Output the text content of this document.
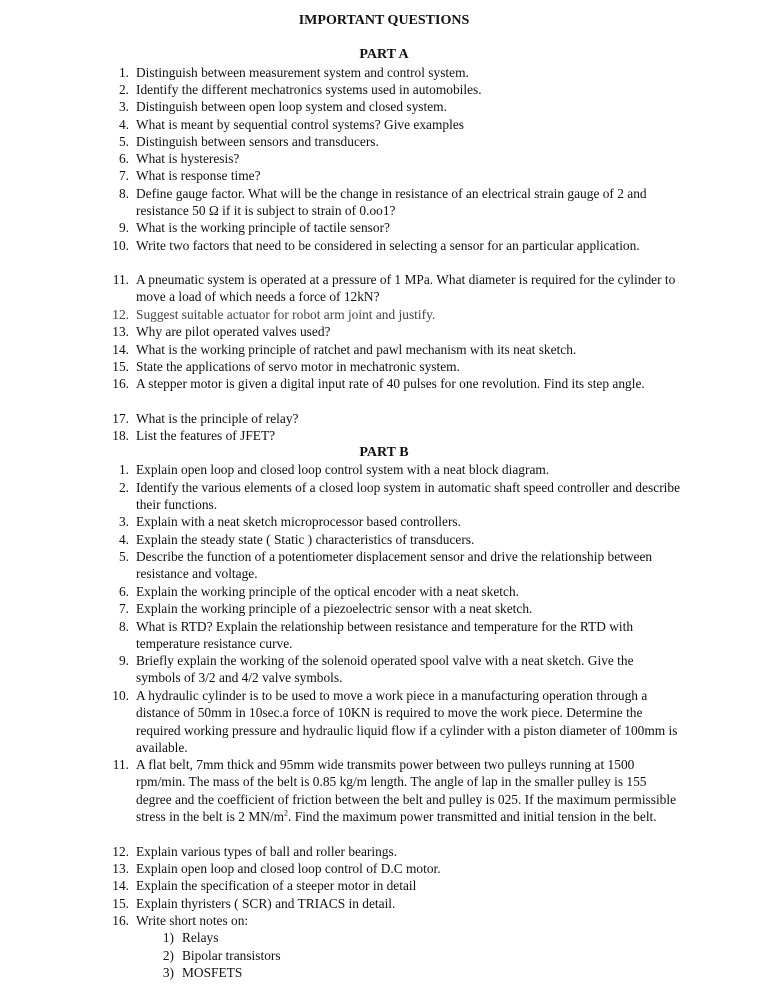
IMPORTANT QUESTIONS
PART A
1. Distinguish between measurement system and control system.
2. Identify the different mechatronics systems used in automobiles.
3. Distinguish between open loop system and closed system.
4. What is meant by sequential control systems? Give examples
5. Distinguish between sensors and transducers.
6. What is hysteresis?
7. What is response time?
8. Define gauge factor. What will be the change in resistance of an electrical strain gauge of 2 and resistance 50 Ω if it is subject to strain of 0.oo1?
9. What is the working principle of tactile sensor?
10. Write two factors that need to be considered in selecting a sensor for an particular application.
11. A pneumatic system is operated at a pressure of 1 MPa. What diameter is required for the cylinder to move a load of which needs a force of 12kN?
12. Suggest suitable actuator for robot arm joint and justify.
13. Why are pilot operated valves used?
14. What is the working principle of ratchet and pawl mechanism with its neat sketch.
15. State the applications of servo motor in mechatronic system.
16. A stepper motor is given a digital input rate of 40 pulses for one revolution. Find its step angle.
17. What is the principle of relay?
18. List the features of JFET?
PART B
1. Explain open loop and closed loop control system with a neat block diagram.
2. Identify the various elements of a closed loop system in automatic shaft speed controller and describe their functions.
3. Explain with a neat sketch microprocessor based controllers.
4. Explain the steady state ( Static ) characteristics of transducers.
5. Describe the function of a potentiometer displacement sensor and drive the relationship between resistance and voltage.
6. Explain the working principle of the optical encoder with a neat sketch.
7. Explain the working principle of a piezoelectric sensor with a neat sketch.
8. What is RTD? Explain the relationship between resistance and temperature for the RTD with temperature resistance curve.
9. Briefly explain the working of the solenoid operated spool valve with a neat sketch. Give the symbols of 3/2 and 4/2 valve symbols.
10. A hydraulic cylinder is to be used to move a work piece in a manufacturing operation through a distance of 50mm in 10sec.a force of 10KN is required to move the work piece. Determine the required working pressure and hydraulic liquid flow if a cylinder with a piston diameter of 100mm is available.
11. A flat belt, 7mm thick and 95mm wide transmits power between two pulleys running at 1500 rpm/min. The mass of the belt is 0.85 kg/m length. The angle of lap in the smaller pulley is 155 degree and the coefficient of friction between the belt and pulley is 025. If the maximum permissible stress in the belt is 2 $MN/m^2$. Find the maximum power transmitted and initial tension in the belt.
12. Explain various types of ball and roller bearings.
13. Explain open loop and closed loop control of D.C motor.
14. Explain the specification of a steeper motor in detail
15. Explain thyristers ( SCR) and TRIACS in detail.
16. Write short notes on:
1) Relays
2) Bipolar transistors
3) MOSFETS
